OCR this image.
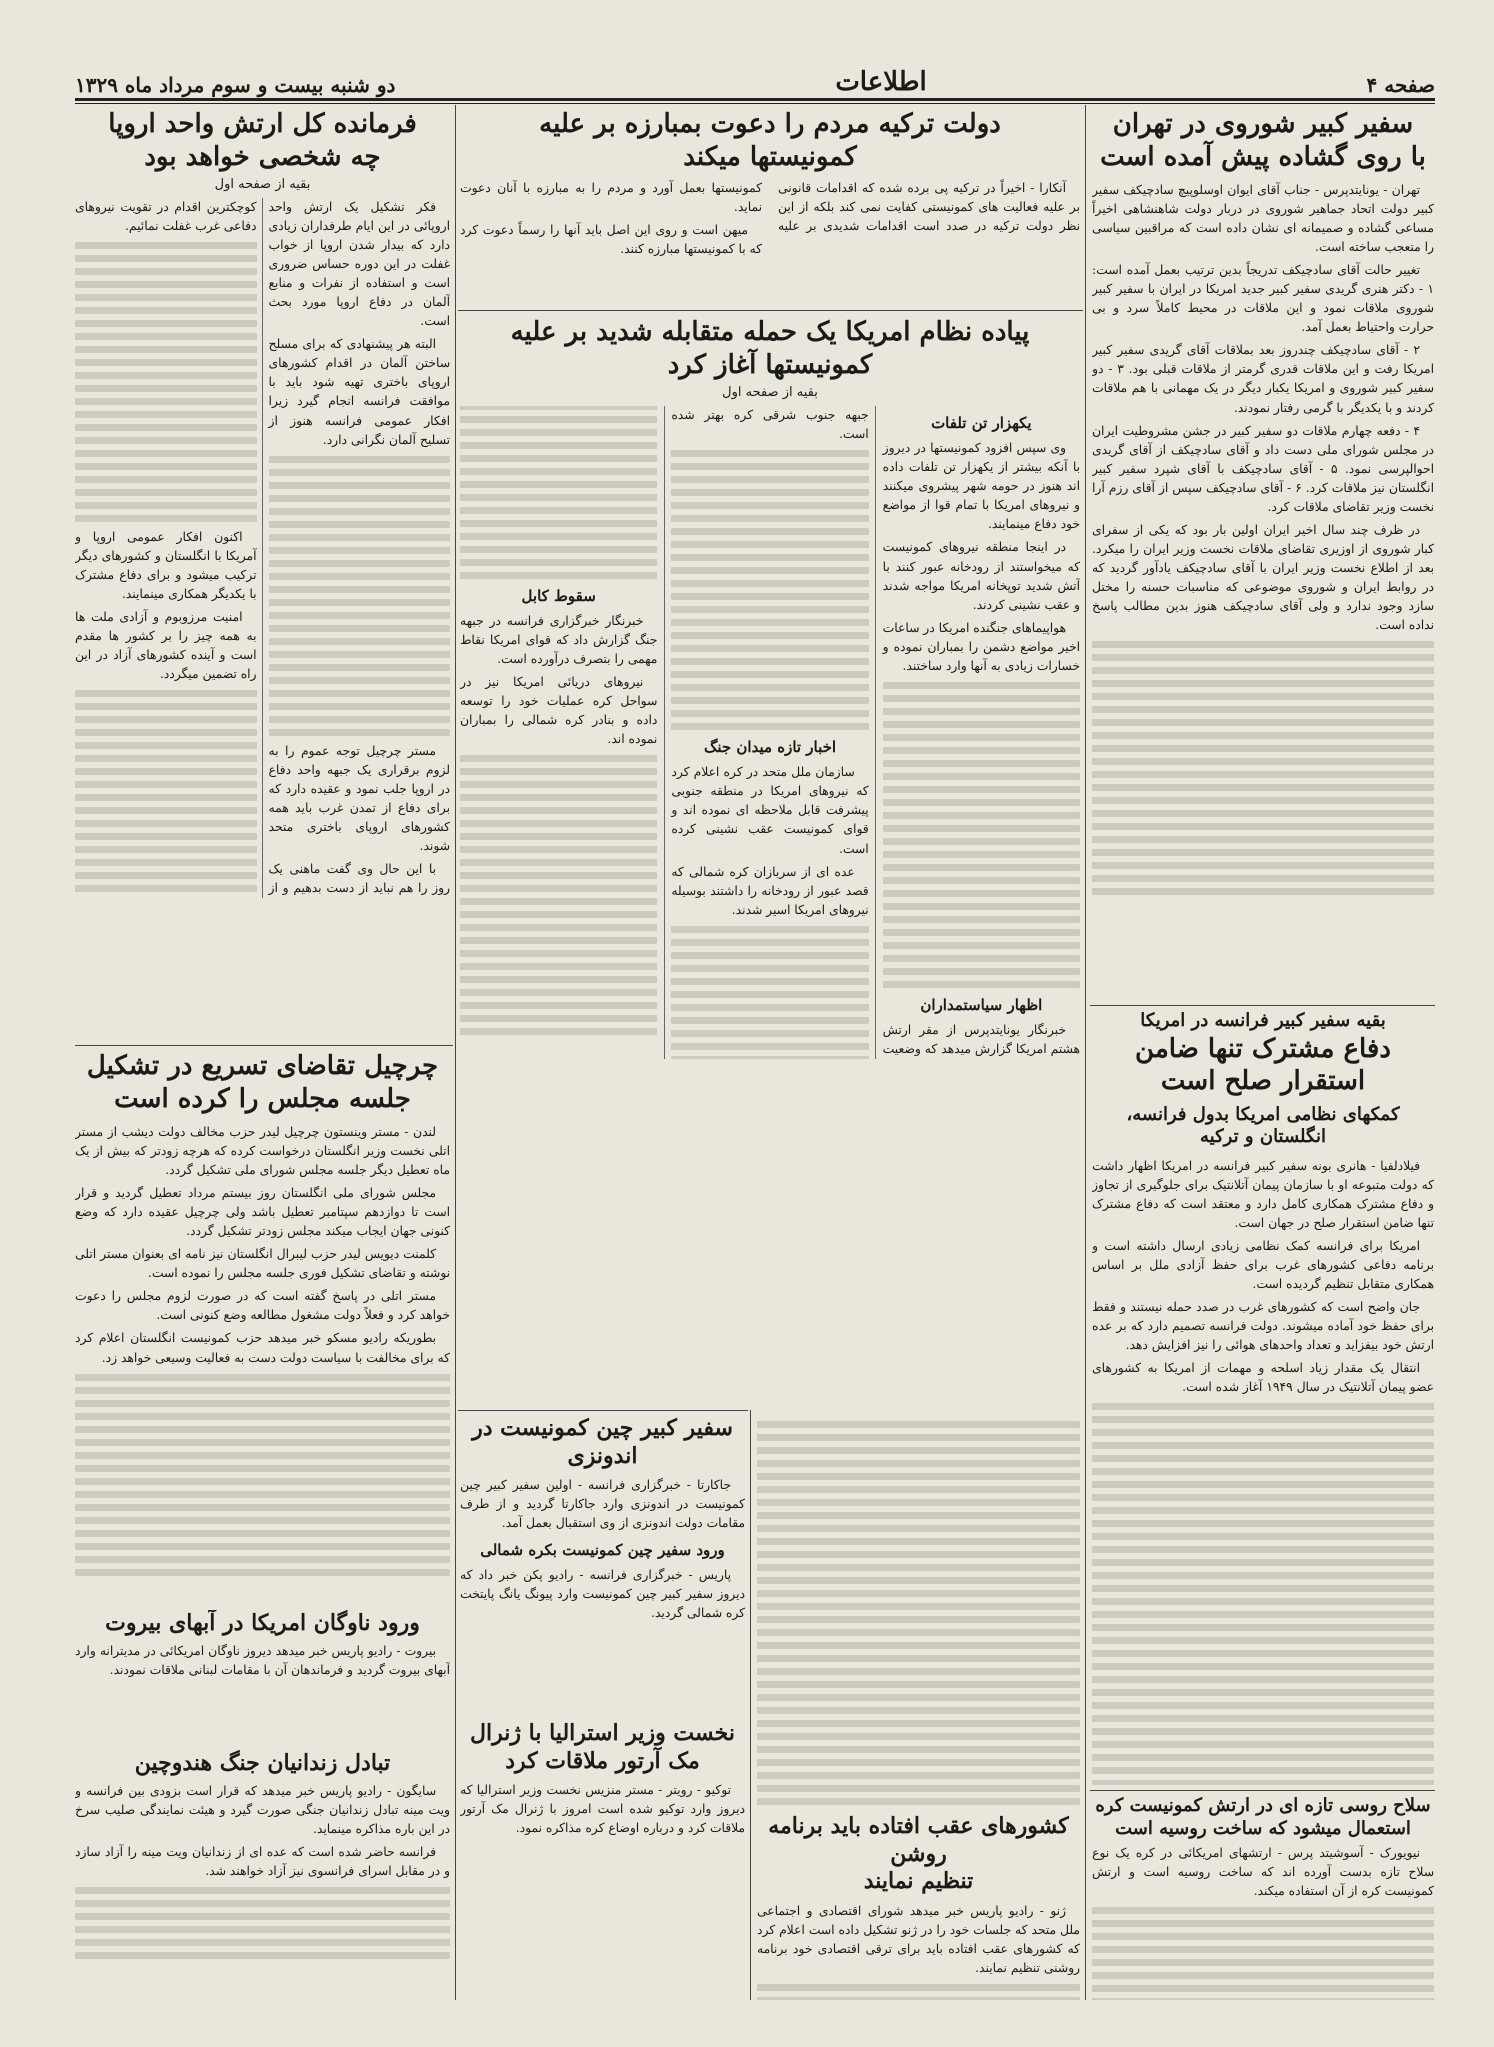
صفحه ۴
اطلاعات
دو شنبه بیست و سوم مرداد ماه ۱۳۲۹
سفیر کبیر شوروی در تهران
با روی گشاده پیش آمده است

تهران - یونایتدپرس - جناب آقای ایوان اوسلوپیچ سادچیکف سفیر کبیر دولت اتحاد جماهیر شوروی در دربار دولت شاهنشاهی اخیراً مساعی گشاده و صمیمانه ای نشان داده است که مراقبین سیاسی را متعجب ساخته است.

تغییر حالت آقای سادچیکف تدریجاً بدین ترتیب بعمل آمده است: ۱ - دکتر هنری گریدی سفیر کبیر جدید امریکا در ایران با سفیر کبیر شوروی ملاقات نمود و این ملاقات در محیط کاملاً سرد و بی حرارت واحتیاط بعمل آمد.

۲ - آقای سادچیکف چندروز بعد بملاقات آقای گریدی سفیر کبیر امریکا رفت و این ملاقات قدری گرمتر از ملاقات قبلی بود. ۳ - دو سفیر کبیر شوروی و امریکا یکبار دیگر در یک مهمانی با هم ملاقات کردند و با یکدیگر با گرمی رفتار نمودند.

۴ - دفعه چهارم ملاقات دو سفیر کبیر در جشن مشروطیت ایران در مجلس شورای ملی دست داد و آقای سادچیکف از آقای گریدی احوالپرسی نمود. ۵ - آقای سادچیکف با آقای شپرد سفیر کبیر انگلستان نیز ملاقات کرد. ۶ - آقای سادچیکف سپس از آقای رزم آرا نخست وزیر تقاضای ملاقات کرد.

در ظرف چند سال اخیر ایران اولین بار بود که یکی از سفرای کبار شوروی از اوزیری تقاضای ملاقات نخست وزیر ایران را میکرد. بعد از اطلاع نخست وزیر ایران با آقای سادچیکف یادآور گردید که در روابط ایران و شوروی موضوعی که مناسبات حسنه را مختل سازد وجود ندارد و ولی آقای سادچیکف هنوز بدین مطالب پاسخ نداده است.

بقیه سفیر کبیر فرانسه در امریکا
دفاع مشترک تنها ضامن استقرار صلح است
کمکهای نظامی امریکا بدول فرانسه، انگلستان و ترکیه

فیلادلفیا - هانری بونه سفیر کبیر فرانسه در امریکا اظهار داشت که دولت متبوعه او با سازمان پیمان آتلانتیک برای جلوگیری از تجاوز و دفاع مشترک همکاری کامل دارد و معتقد است که دفاع مشترک تنها ضامن استقرار صلح در جهان است.

امریکا برای فرانسه کمک نظامی زیادی ارسال داشته است و برنامه دفاعی کشورهای غرب برای حفظ آزادی ملل بر اساس همکاری متقابل تنظیم گردیده است.

جان واضح است که کشورهای غرب در صدد حمله نیستند و فقط برای حفظ خود آماده میشوند. دولت فرانسه تصمیم دارد که بر عده ارتش خود بیفزاید و تعداد واحدهای هوائی را نیز افزایش دهد.

انتقال یک مقدار زیاد اسلحه و مهمات از امریکا به کشورهای عضو پیمان آتلانتیک در سال ۱۹۴۹ آغاز شده است.

سلاح روسی تازه ای در ارتش کمونیست کره
استعمال میشود که ساخت روسیه است

نیویورک - آسوشیتد پرس - ارتشهای امریکائی در کره یک نوع سلاح تازه بدست آورده اند که ساخت روسیه است و ارتش کمونیست کره از آن استفاده میکند.

دولت ترکیه مردم را دعوت بمبارزه بر علیه
کمونیستها میکند

آنکارا - اخیراً در ترکیه پی برده شده که اقدامات قانونی بر علیه فعالیت های کمونیستی کفایت نمی کند بلکه از این نظر دولت ترکیه در صدد است اقدامات شدیدی بر علیه کمونیستها بعمل آورد و مردم را به مبارزه با آنان دعوت نماید.

میهن است و روی این اصل باید آنها را رسماً دعوت کرد که با کمونیستها مبارزه کنند.

پیاده نظام امریکا یک حمله متقابله شدید بر علیه کمونیستها آغاز کرد
بقیه از صفحه اول
یکهزار تن تلفات

وی سپس افزود کمونیستها در دیروز با آنکه بیشتر از یکهزار تن تلفات داده اند هنوز در حومه شهر پیشروی میکنند و نیروهای امریکا با تمام قوا از مواضع خود دفاع مینمایند.

در اینجا منطقه نیروهای کمونیست که میخواستند از رودخانه عبور کنند با آتش شدید توپخانه امریکا مواجه شدند و عقب نشینی کردند.

هواپیماهای جنگنده امریکا در ساعات اخیر مواضع دشمن را بمباران نموده و خسارات زیادی به آنها وارد ساختند.

اظهار سیاستمداران

خبرنگار یونایتدپرس از مقر ارتش هشتم امریکا گزارش میدهد که وضعیت جبهه جنوب شرقی کره بهتر شده است.

اخبار تازه میدان جنگ

سازمان ملل متحد در کره اعلام کرد که نیروهای امریکا در منطقه جنوبی پیشرفت قابل ملاحظه ای نموده اند و قوای کمونیست عقب نشینی کرده است.

عده ای از سربازان کره شمالی که قصد عبور از رودخانه را داشتند بوسیله نیروهای امریکا اسیر شدند.

سقوط کابل

خبرنگار خبرگزاری فرانسه در جبهه جنگ گزارش داد که قوای امریکا نقاط مهمی را بتصرف درآورده است.

نیروهای دریائی امریکا نیز در سواحل کره عملیات خود را توسعه داده و بنادر کره شمالی را بمباران نموده اند.

سفیر کبیر چین کمونیست در اندونزی

جاکارتا - خبرگزاری فرانسه - اولین سفیر کبیر چین کمونیست در اندونزی وارد جاکارتا گردید و از طرف مقامات دولت اندونزی از وی استقبال بعمل آمد.

ورود سفیر چین کمونیست بکره شمالی

پاریس - خبرگزاری فرانسه - رادیو پکن خبر داد که دیروز سفیر کبیر چین کمونیست وارد پیونگ یانگ پایتخت کره شمالی گردید.

نخست وزیر استرالیا با ژنرال
مک آرتور ملاقات کرد

توکیو - رویتر - مستر منزیس نخست وزیر استرالیا که دیروز وارد توکیو شده است امروز با ژنرال مک آرتور ملاقات کرد و درباره اوضاع کره مذاکره نمود.	کشورهای عقب افتاده باید برنامه روشن
تنظیم نمایند

ژنو - رادیو پاریس خبر میدهد شورای اقتصادی و اجتماعی ملل متحد که جلسات خود را در ژنو تشکیل داده است اعلام کرد که کشورهای عقب افتاده باید برای ترقی اقتصادی خود برنامه روشنی تنظیم نمایند.

فرمانده کل ارتش واحد اروپا
چه شخصی خواهد بود
بقیه از صفحه اول

فکر تشکیل یک ارتش واحد اروپائی در این ایام طرفداران زیادی دارد که بیدار شدن اروپا از خواب غفلت در این دوره حساس ضروری است و استفاده از نفرات و منابع آلمان در دفاع اروپا مورد بحث است.

البته هر پیشنهادی که برای مسلح ساختن آلمان در اقدام کشورهای اروپای باختری تهیه شود باید با موافقت فرانسه انجام گیرد زیرا افکار عمومی فرانسه هنوز از تسلیح آلمان نگرانی دارد.

مستر چرچیل توجه عموم را به لزوم برقراری یک جبهه واحد دفاع در اروپا جلب نمود و عقیده دارد که برای دفاع از تمدن غرب باید همه کشورهای اروپای باختری متحد شوند.

با این حال وی گفت ماهنی یک روز را هم نباید از دست بدهیم و از کوچکترین اقدام در تقویت نیروهای دفاعی غرب غفلت نمائیم.

اکنون افکار عمومی اروپا و آمریکا با انگلستان و کشورهای دیگر ترکیب میشود و برای دفاع مشترک با یکدیگر همکاری مینمایند.

امنیت مرزوبوم و آزادی ملت ها به همه چیز را بر کشور ها مقدم است و آینده کشورهای آزاد در این راه تضمین میگردد.

چرچیل تقاضای تسریع در تشکیل
جلسه مجلس را کرده است

لندن - مستر وینستون چرچیل لیدر حزب مخالف دولت دیشب از مستر اتلی نخست وزیر انگلستان درخواست کرده که هرچه زودتر که بیش از یک ماه تعطیل دیگر جلسه مجلس شورای ملی تشکیل گردد.

مجلس شورای ملی انگلستان روز بیستم مرداد تعطیل گردید و قرار است تا دوازدهم سپتامبر تعطیل باشد ولی چرچیل عقیده دارد که وضع کنونی جهان ایجاب میکند مجلس زودتر تشکیل گردد.

کلمنت دیویس لیدر حزب لیبرال انگلستان نیز نامه ای بعنوان مستر اتلی نوشته و تقاضای تشکیل فوری جلسه مجلس را نموده است.

مستر اتلی در پاسخ گفته است که در صورت لزوم مجلس را دعوت خواهد کرد و فعلاً دولت مشغول مطالعه وضع کنونی است.

بطوریکه رادیو مسکو خبر میدهد حزب کمونیست انگلستان اعلام کرد که برای مخالفت با سیاست دولت دست به فعالیت وسیعی خواهد زد.

ورود ناوگان امریکا در آبهای بیروت

بیروت - رادیو پاریس خبر میدهد دیروز ناوگان امریکائی در مدیترانه وارد آبهای بیروت گردید و فرماندهان آن با مقامات لبنانی ملاقات نمودند.

تبادل زندانیان جنگ هندوچین

سایگون - رادیو پاریس خبر میدهد که قرار است بزودی بین فرانسه و ویت مینه تبادل زندانیان جنگی صورت گیرد و هیئت نمایندگی صلیب سرخ در این باره مذاکره مینماید.

فرانسه حاضر شده است که عده ای از زندانیان ویت مینه را آزاد سازد و در مقابل اسرای فرانسوی نیز آزاد خواهند شد.
